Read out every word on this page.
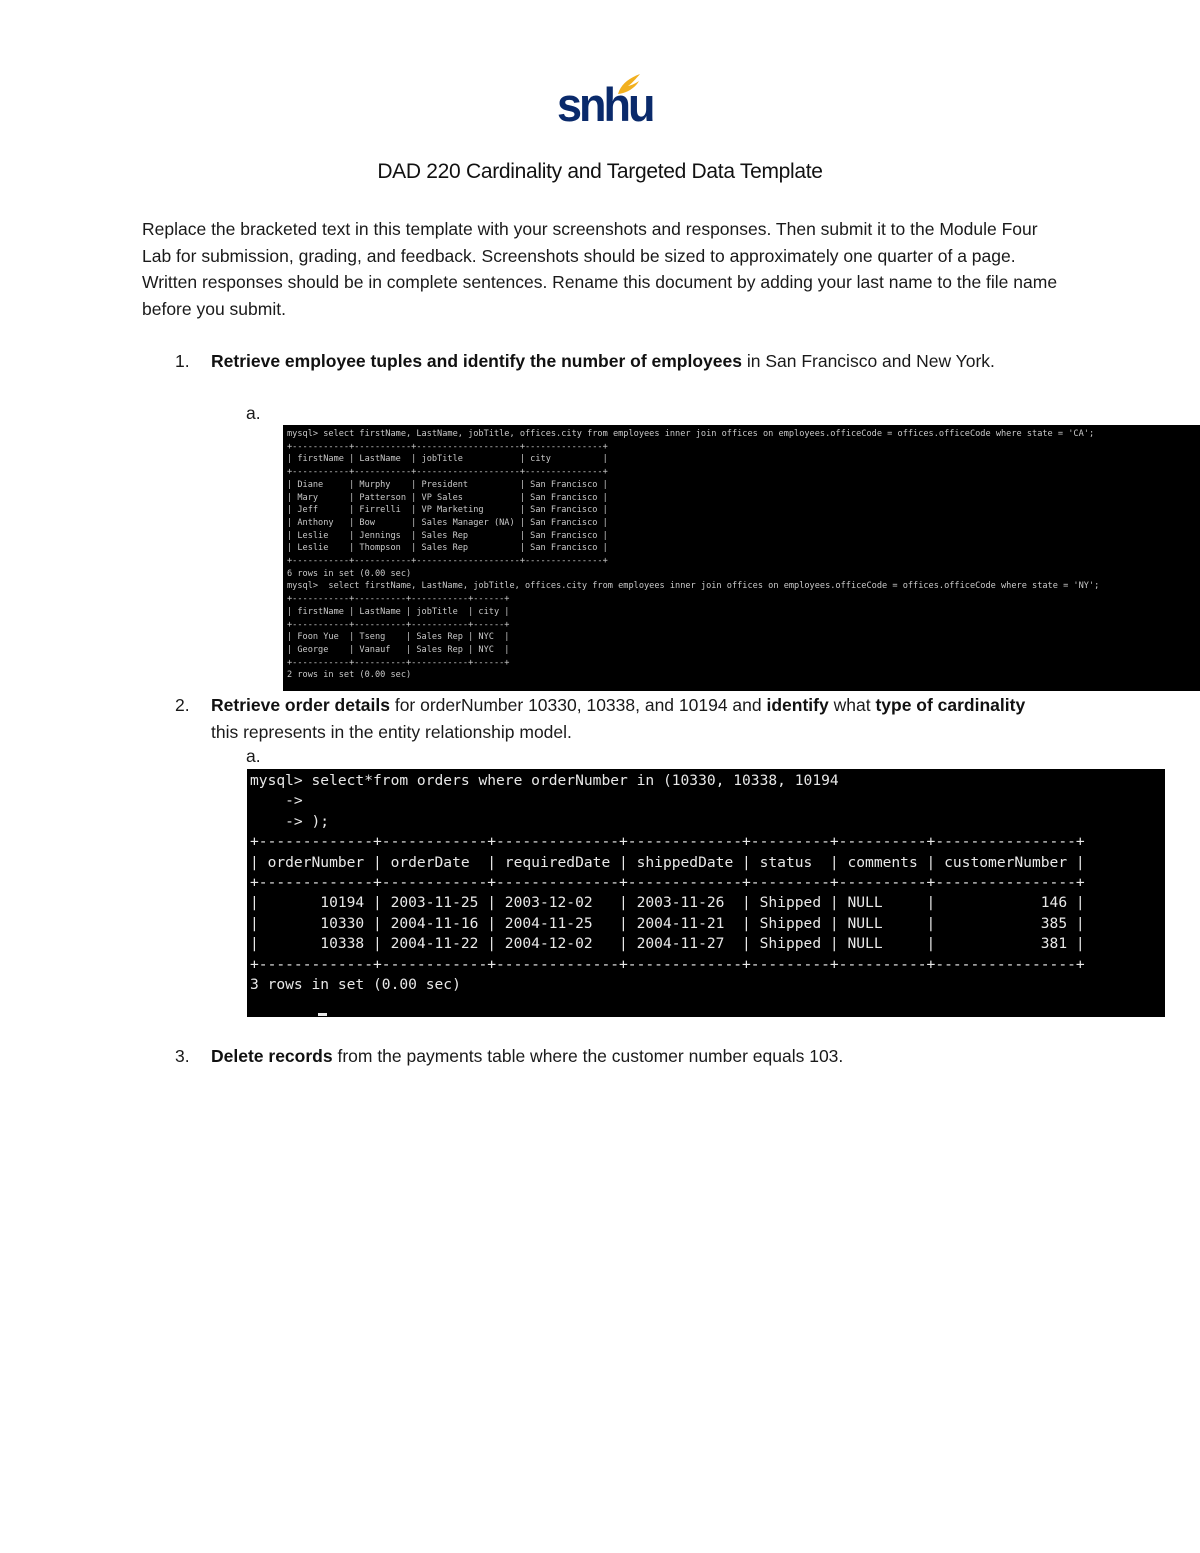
snhu
DAD 220 Cardinality and Targeted Data Template
Replace the bracketed text in this template with your screenshots and responses. Then submit it to the Module Four Lab for submission, grading, and feedback. Screenshots should be sized to approximately one quarter of a page. Written responses should be in complete sentences. Rename this document by adding your last name to the file name before you submit.
1. Retrieve employee tuples and identify the number of employees in San Francisco and New York.
a.
mysql> select firstName, LastName, jobTitle, offices.city from employees inner join offices on employees.officeCode = offices.officeCode where state = 'CA';
+-----------+-----------+--------------------+---------------+
| firstName | LastName  | jobTitle           | city          |
+-----------+-----------+--------------------+---------------+
| Diane     | Murphy    | President          | San Francisco |
| Mary      | Patterson | VP Sales           | San Francisco |
| Jeff      | Firrelli  | VP Marketing       | San Francisco |
| Anthony   | Bow       | Sales Manager (NA) | San Francisco |
| Leslie    | Jennings  | Sales Rep          | San Francisco |
| Leslie    | Thompson  | Sales Rep          | San Francisco |
+-----------+-----------+--------------------+---------------+
6 rows in set (0.00 sec)
mysql>  select firstName, LastName, jobTitle, offices.city from employees inner join offices on employees.officeCode = offices.officeCode where state = 'NY';
+-----------+----------+-----------+------+
| firstName | LastName | jobTitle  | city |
+-----------+----------+-----------+------+
| Foon Yue  | Tseng    | Sales Rep | NYC  |
| George    | Vanauf   | Sales Rep | NYC  |
+-----------+----------+-----------+------+
2 rows in set (0.00 sec)
2. Retrieve order details for orderNumber 10330, 10338, and 10194 and identify what type of cardinality this represents in the entity relationship model.
a.
mysql> select*from orders where orderNumber in (10330, 10338, 10194
->
-> );
+-------------+------------+--------------+-------------+---------+----------+----------------+
| orderNumber | orderDate  | requiredDate | shippedDate | status  | comments | customerNumber |
+-------------+------------+--------------+-------------+---------+----------+----------------+
|       10194 | 2003-11-25 | 2003-12-02   | 2003-11-26  | Shipped | NULL     |            146 |
|       10330 | 2004-11-16 | 2004-11-25   | 2004-11-21  | Shipped | NULL     |            385 |
|       10338 | 2004-11-22 | 2004-12-02   | 2004-11-27  | Shipped | NULL     |            381 |
+-------------+------------+--------------+-------------+---------+----------+----------------+
3 rows in set (0.00 sec)
3. Delete records from the payments table where the customer number equals 103.
